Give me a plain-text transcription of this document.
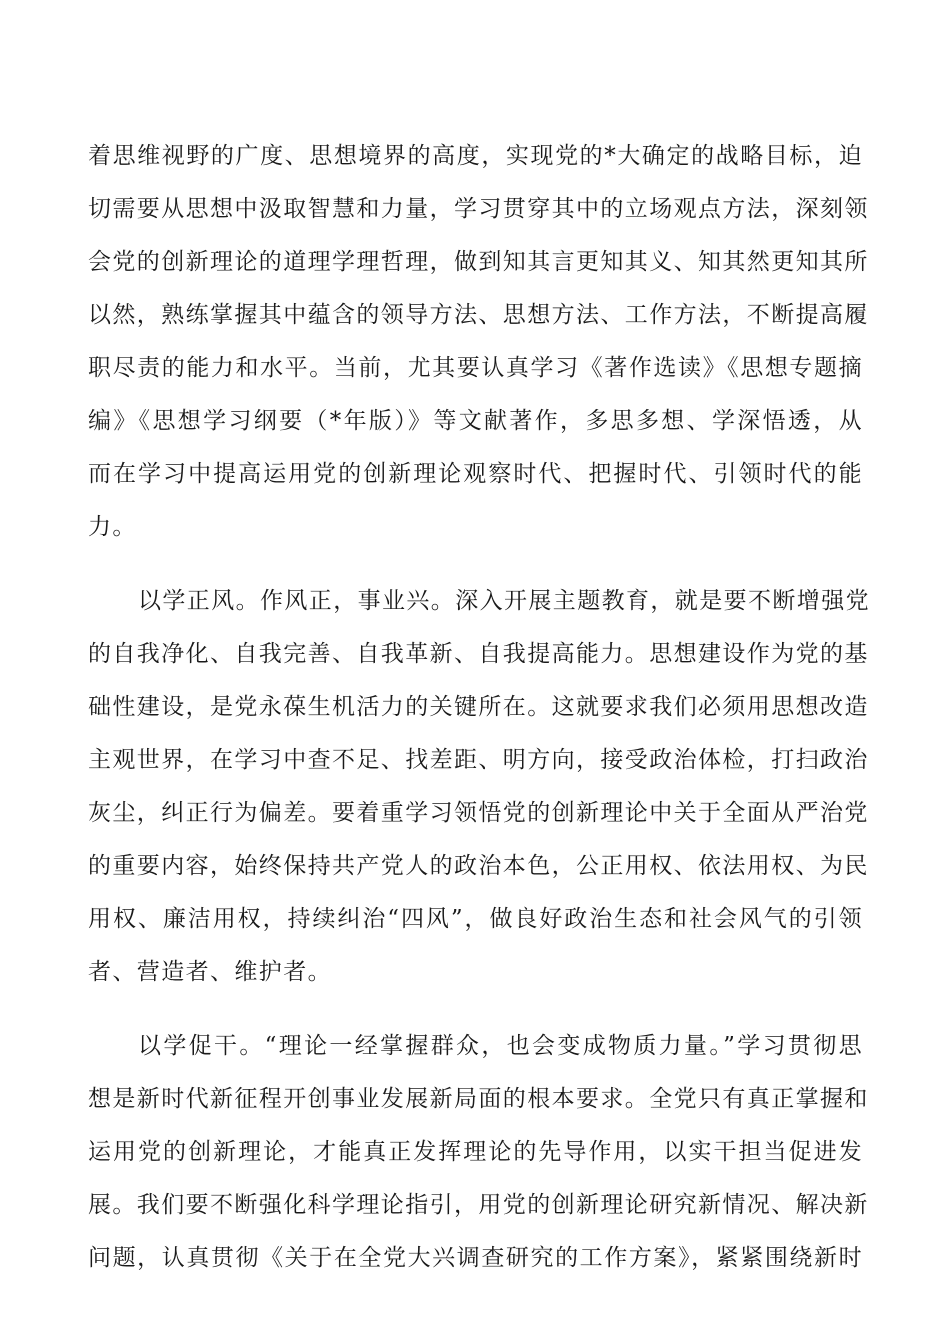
着思维视野的广度、思想境界的高度，实现党的*大确定的战略目标，迫
切需要从思想中汲取智慧和力量，学习贯穿其中的立场观点方法，深刻领
会党的创新理论的道理学理哲理，做到知其言更知其义、知其然更知其所
以然，熟练掌握其中蕴含的领导方法、思想方法、工作方法，不断提高履
职尽责的能力和水平。当前，尤其要认真学习《著作选读》《思想专题摘
编》《思想学习纲要（*年版）》等文献著作，多思多想、学深悟透，从
而在学习中提高运用党的创新理论观察时代、把握时代、引领时代的能
力。
以学正风。作风正，事业兴。深入开展主题教育，就是要不断增强党
的自我净化、自我完善、自我革新、自我提高能力。思想建设作为党的基
础性建设，是党永葆生机活力的关键所在。这就要求我们必须用思想改造
主观世界，在学习中查不足、找差距、明方向，接受政治体检，打扫政治
灰尘，纠正行为偏差。要着重学习领悟党的创新理论中关于全面从严治党
的重要内容，始终保持共产党人的政治本色，公正用权、依法用权、为民
用权、廉洁用权，持续纠治“四风”，做良好政治生态和社会风气的引领
者、营造者、维护者。
以学促干。“理论一经掌握群众，也会变成物质力量。”学习贯彻思
想是新时代新征程开创事业发展新局面的根本要求。全党只有真正掌握和
运用党的创新理论，才能真正发挥理论的先导作用，以实干担当促进发
展。我们要不断强化科学理论指引，用党的创新理论研究新情况、解决新
问题，认真贯彻《关于在全党大兴调查研究的工作方案》，紧紧围绕新时
